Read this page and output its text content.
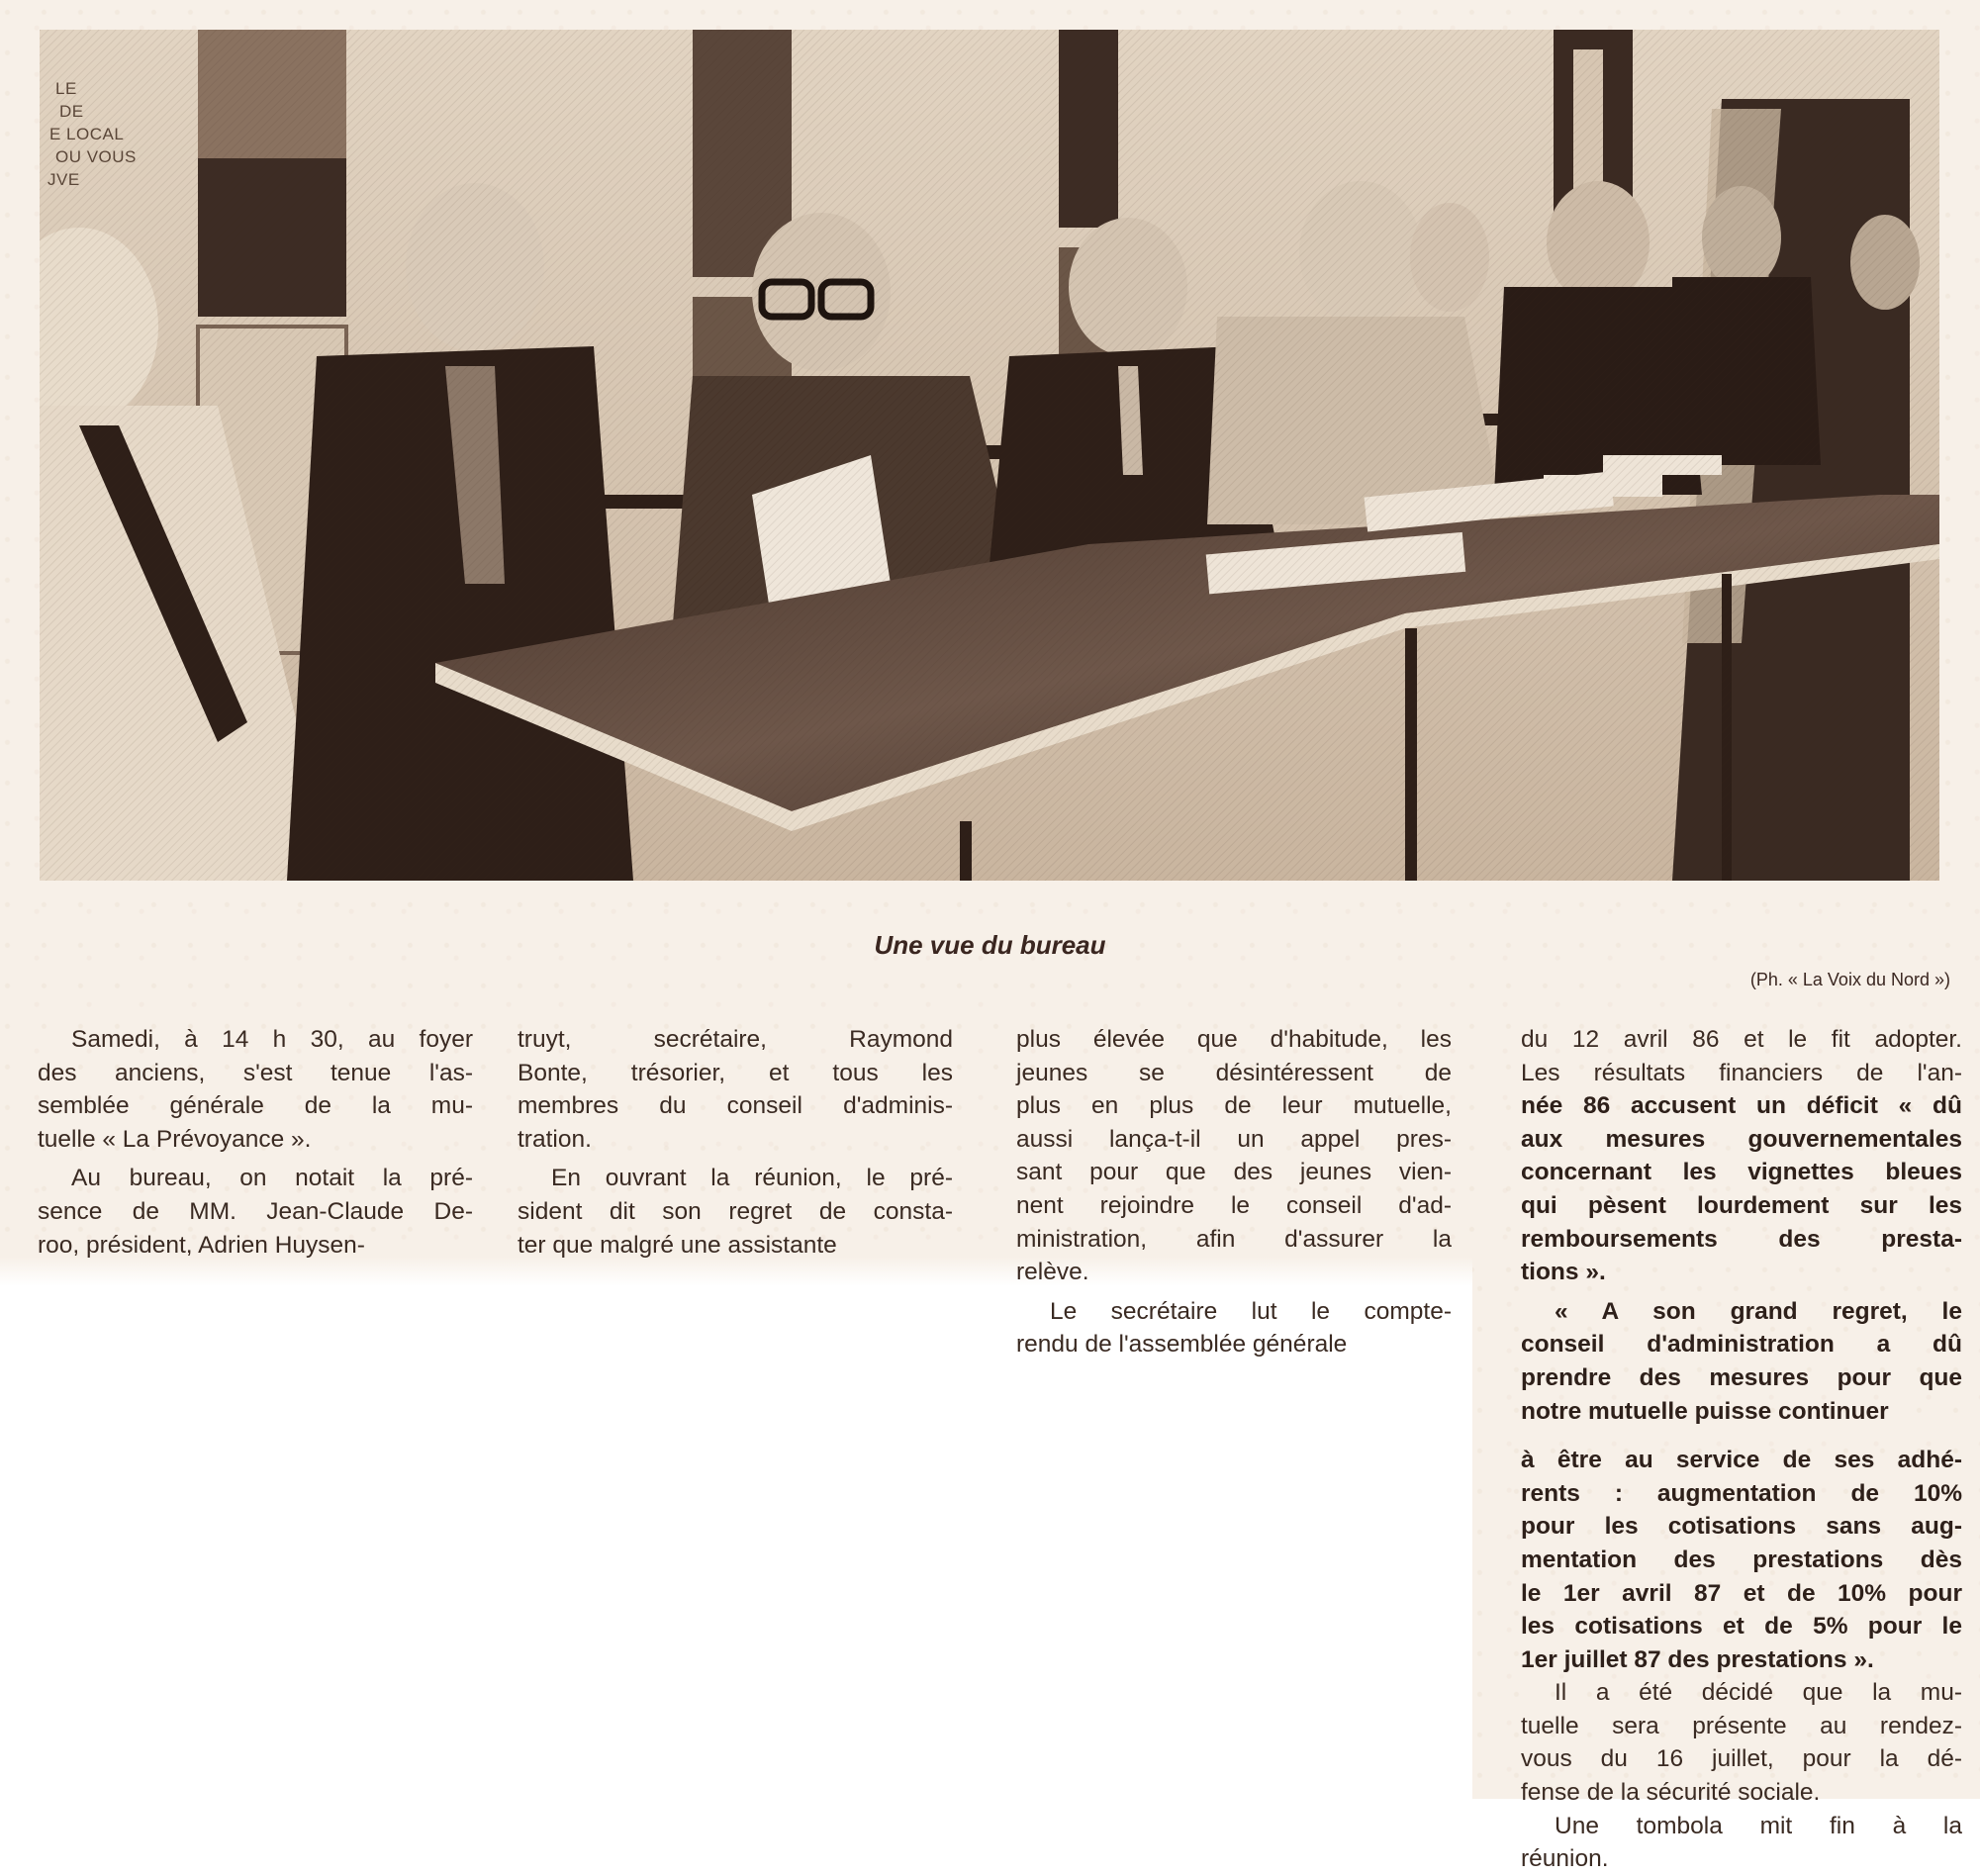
LE
DE
E LOCAL
OU VOUS
JVE
Une vue du bureau
(Ph. « La Voix du Nord »)

Samedi, à 14 h 30, au foyer
des anciens, s'est tenue l'as-
semblée générale de la mu-
tuelle « La Prévoyance ».

Au bureau, on notait la pré-
sence de MM. Jean-Claude De-
roo, président, Adrien Huysen-

truyt, secrétaire, Raymond
Bonte, trésorier, et tous les
membres du conseil d'adminis-
tration.

En ouvrant la réunion, le pré-
sident dit son regret de consta-
ter que malgré une assistante

plus élevée que d'habitude, les
jeunes se désintéressent de
plus en plus de leur mutuelle,
aussi lança-t-il un appel pres-
sant pour que des jeunes vien-
nent rejoindre le conseil d'ad-
ministration, afin d'assurer la
relève.

Le secrétaire lut le compte-
rendu de l'assemblée générale

du 12 avril 86 et le fit adopter.
Les résultats financiers de l'an-
née 86 accusent un déficit « dû
aux mesures gouvernementales
concernant les vignettes bleues
qui pèsent lourdement sur les
remboursements des presta-
tions ».

« A son grand regret, le
conseil d'administration a dû
prendre des mesures pour que
notre mutuelle puisse continuer

à être au service de ses adhé-
rents : augmentation de 10%
pour les cotisations sans aug-
mentation des prestations dès
le 1er avril 87 et de 10% pour
les cotisations et de 5% pour le
1er juillet 87 des prestations ».

Il a été décidé que la mu-
tuelle sera présente au rendez-
vous du 16 juillet, pour la dé-
fense de la sécurité sociale.

Une tombola mit fin à la
réunion.
